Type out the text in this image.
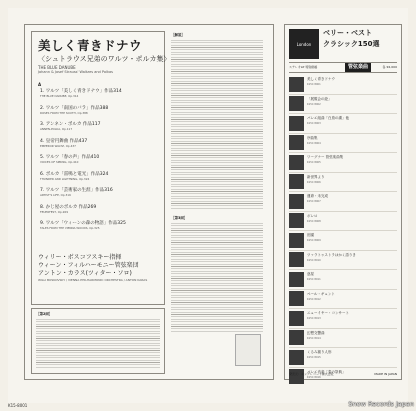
美しく青きドナウ
〈シュトラウス兄弟のワルツ・ポルカ集〉
THE BLUE DANUBE
Johann & Josef Strauss' Waltzes and Polkas
A
1. ワルツ「美しく青きドナウ」作品314
THE BLUE DANUBE, Op.314
2. ワルツ「南国のバラ」作品388
ROSES FROM THE SOUTH, Op.388
3. アンネン・ポルカ 作品117
ANNEN-POLKA, Op.117
4. 皇帝円舞曲 作品437
EMPEROR WALTZ, Op.437
5. ワルツ「春の声」作品410
VOICES OF SPRING, Op.410
6. ポルカ「雷鳴と電光」作品324
THUNDER AND LIGHTNING, Op.324
7. ワルツ「芸術家の生涯」作品316
ARTIST'S LIFE, Op.316
8. かじ屋のポルカ 作品269
FEUERFEST, Op.269
9. ワルツ「ウィーンの森の物語」作品325
TALES FROM THE VIENNA WOODS, Op.325
ウィリー・ボスコフスキー指揮
ウィーン・フィルハーモニー管弦楽団
アントン・カラス(ツィター・ソロ)
WILLI BOSKOVSKY / VIENNA PHILHARMONIC ORCHESTRA / ANTON KARAS
［第2面］
［解説］
［第3面］
London
ベリー・ベスト
クラシック150選
ステレオLP 特別価格	管弦楽曲	各 ¥2,000
美しく青きドナウ
K15C 8001
「展覧会の絵」
K15C 8002
バレエ組曲「白鳥の湖」他
K15C 8003
序曲集
K15C 8004
ワーグナー 管弦楽曲集
K15C 8005
新世界より
K15C 8006
運命・未完成
K15C 8007
ボレロ
K15C 8008
田園
K15C 8009
ツァラトゥストラはかく語りき
K15C 8010
惑星
K15C 8011
ペール・ギュント
K15C 8012
ニューイヤー・コンサート
K15C 8013
幻想交響曲
K15C 8014
くるみ割り人形
K15C 8015
バレエ音楽「春の祭典」
K15C 8016
発売元：キングレコード株式会社	MADE IN JAPAN
K15-8001	Snow Records Japan
